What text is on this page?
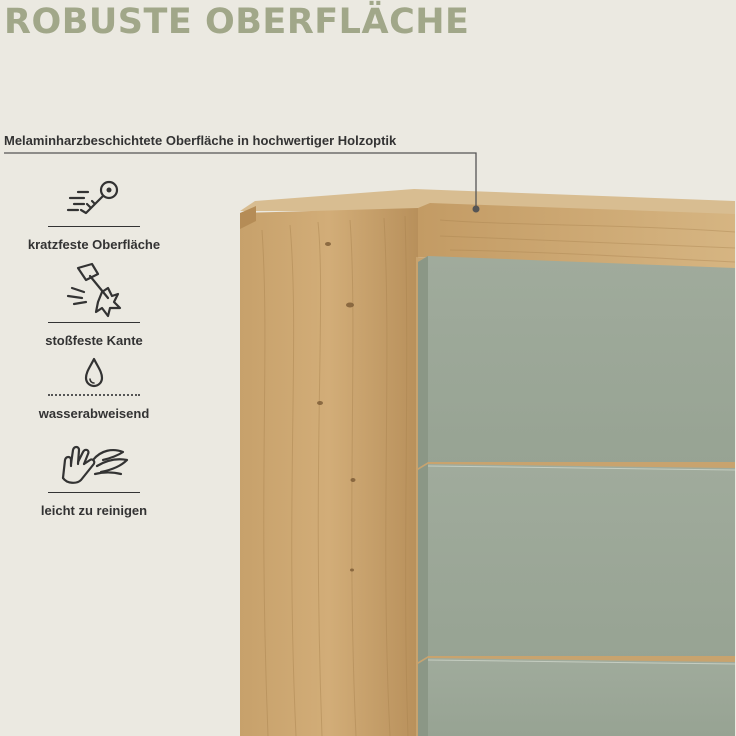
ROBUSTE OBERFLÄCHE
Melaminharzbeschichtete Oberfläche in hochwertiger Holzoptik
kratzfeste Oberfläche
stoßfeste Kante
wasserabweisend
leicht zu reinigen
